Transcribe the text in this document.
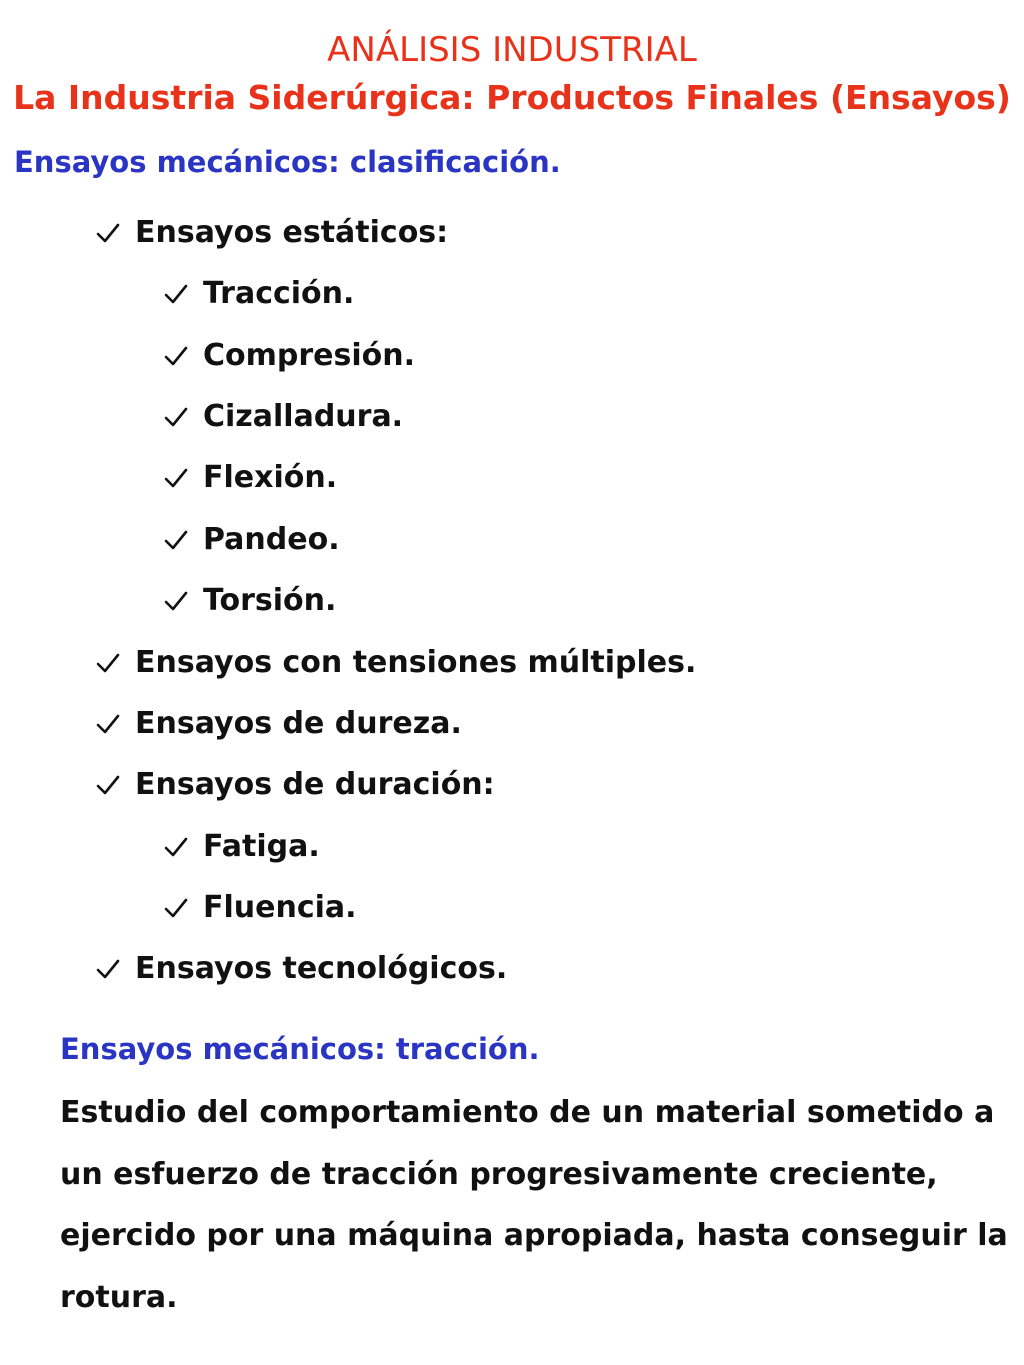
ANÁLISIS INDUSTRIAL
La Industria Siderúrgica: Productos Finales (Ensayos)
Ensayos mecánicos: clasificación.
Ensayos estáticos:
Tracción.
Compresión.
Cizalladura.
Flexión.
Pandeo.
Torsión.
Ensayos con tensiones múltiples.
Ensayos de dureza.
Ensayos de duración:
Fatiga.
Fluencia.
Ensayos tecnológicos.
Ensayos mecánicos: tracción.
Estudio del comportamiento de un material sometido a
un esfuerzo de tracción progresivamente creciente,
ejercido por una máquina apropiada, hasta conseguir la
rotura.
